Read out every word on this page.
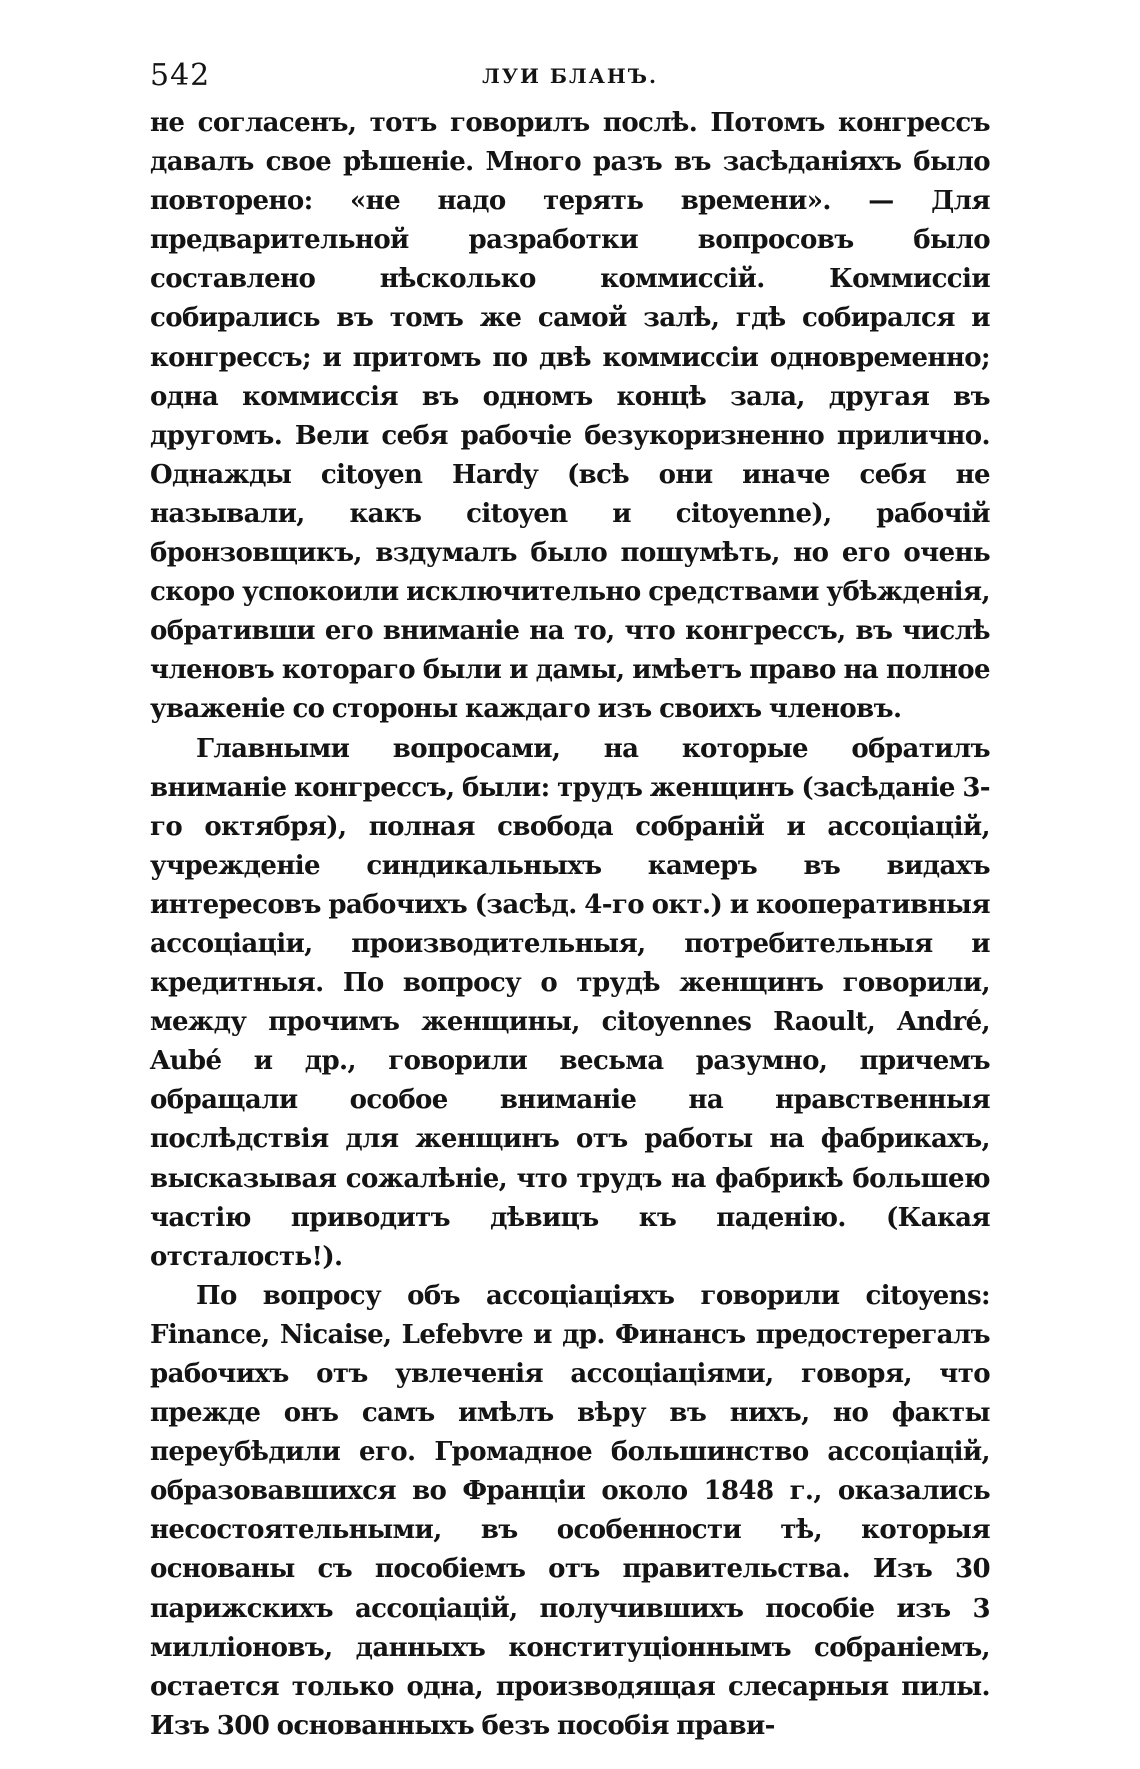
542	ЛУИ БЛАНЪ.

не согласенъ, тотъ говорилъ послѣ. Потомъ конгрессъ давалъ свое рѣшеніе. Много разъ въ засѣданіяхъ было повторено: «не надо терять времени». — Для предварительной разработки вопросовъ было составлено нѣсколько коммиссій. Коммиссіи собирались въ томъ же самой залѣ, гдѣ собирался и конгрессъ; и притомъ по двѣ коммиссіи одновременно; одна коммиссія въ одномъ концѣ зала, другая въ другомъ. Вели себя рабочіе безукоризненно прилично. Однажды citoyen Hardy (всѣ они иначе себя не называли, какъ citoyen и citoyenne), рабочій бронзовщикъ, вздумалъ было пошумѣть, но его очень скоро успокоили исключительно средствами убѣжденія, обративши его вниманіе на то, что конгрессъ, въ числѣ членовъ котораго были и дамы, имѣетъ право на полное уваженіе со стороны каждаго изъ своихъ членовъ.

Главными вопросами, на которые обратилъ вниманіе конгрессъ, были: трудъ женщинъ (засѣданіе 3-го октября), полная свобода собраній и ассоціацій, учрежденіе синдикальныхъ камеръ въ видахъ интересовъ рабочихъ (засѣд. 4-го окт.) и кооперативныя ассоціаціи, производительныя, потребительныя и кредитныя. По вопросу о трудѣ женщинъ говорили, между прочимъ женщины, citoyennes Raoult, André, Aubé и др., говорили весьма разумно, причемъ обращали особое вниманіе на нравственныя послѣдствія для женщинъ отъ работы на фабрикахъ, высказывая сожалѣніе, что трудъ на фабрикѣ большею частію приводитъ дѣвицъ къ паденію. (Какая отсталость!).

По вопросу объ ассоціаціяхъ говорили citoyens: Finance, Nicaise, Lefebvre и др. Финансъ предостерегалъ рабочихъ отъ увлеченія ассоціаціями, говоря, что прежде онъ самъ имѣлъ вѣру въ нихъ, но факты переубѣдили его. Громадное большинство ассоціацій, образовавшихся во Франціи около 1848 г., оказались несостоятельными, въ особенности тѣ, которыя основаны съ пособіемъ отъ правительства. Изъ 30 парижскихъ ассоціацій, получившихъ пособіе изъ 3 милліоновъ, данныхъ конституціоннымъ собраніемъ, остается только одна, производящая слесарныя пилы. Изъ 300 основанныхъ безъ пособія прави-
